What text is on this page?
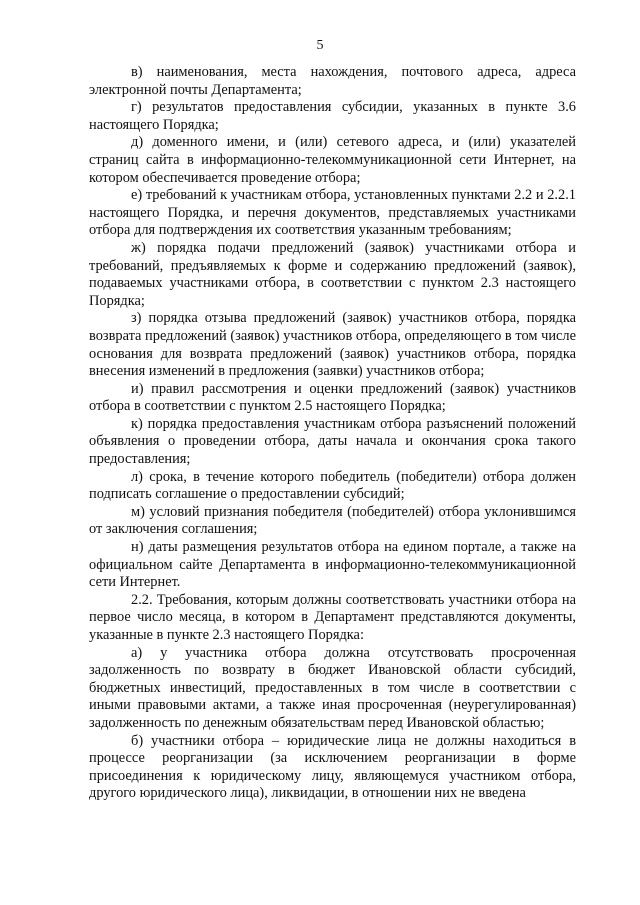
5

в) наименования, места нахождения, почтового адреса, адреса электронной почты Департамента;

г) результатов предоставления субсидии, указанных в пункте 3.6 настоящего Порядка;

д) доменного имени, и (или) сетевого адреса, и (или) указателей страниц сайта в информационно-телекоммуникационной сети Интернет, на котором обеспечивается проведение отбора;

е) требований к участникам отбора, установленных пунктами 2.2 и 2.2.1 настоящего Порядка, и перечня документов, представляемых участниками отбора для подтверждения их соответствия указанным требованиям;

ж) порядка подачи предложений (заявок) участниками отбора и требований, предъявляемых к форме и содержанию предложений (заявок), подаваемых участниками отбора, в соответствии с пунктом 2.3 настоящего Порядка;

з) порядка отзыва предложений (заявок) участников отбора, порядка возврата предложений (заявок) участников отбора, определяющего в том числе основания для возврата предложений (заявок) участников отбора, порядка внесения изменений в предложения (заявки) участников отбора;

и) правил рассмотрения и оценки предложений (заявок) участников отбора в соответствии с пунктом 2.5 настоящего Порядка;

к) порядка предоставления участникам отбора разъяснений положений объявления о проведении отбора, даты начала и окончания срока такого предоставления;

л) срока, в течение которого победитель (победители) отбора должен подписать соглашение о предоставлении субсидий;

м) условий признания победителя (победителей) отбора уклонившимся от заключения соглашения;

н) даты размещения результатов отбора на едином портале, а также на официальном сайте Департамента в информационно-телекоммуникационной сети Интернет.

2.2. Требования, которым должны соответствовать участники отбора на первое число месяца, в котором в Департамент представляются документы, указанные в пункте 2.3 настоящего Порядка:

а) у участника отбора должна отсутствовать просроченная задолженность по возврату в бюджет Ивановской области субсидий, бюджетных инвестиций, предоставленных в том числе в соответствии с иными правовыми актами, а также иная просроченная (неурегулированная) задолженность по денежным обязательствам перед Ивановской областью;

б) участники отбора – юридические лица не должны находиться в процессе реорганизации (за исключением реорганизации в форме присоединения к юридическому лицу, являющемуся участником отбора, другого юридического лица), ликвидации, в отношении них не введена
